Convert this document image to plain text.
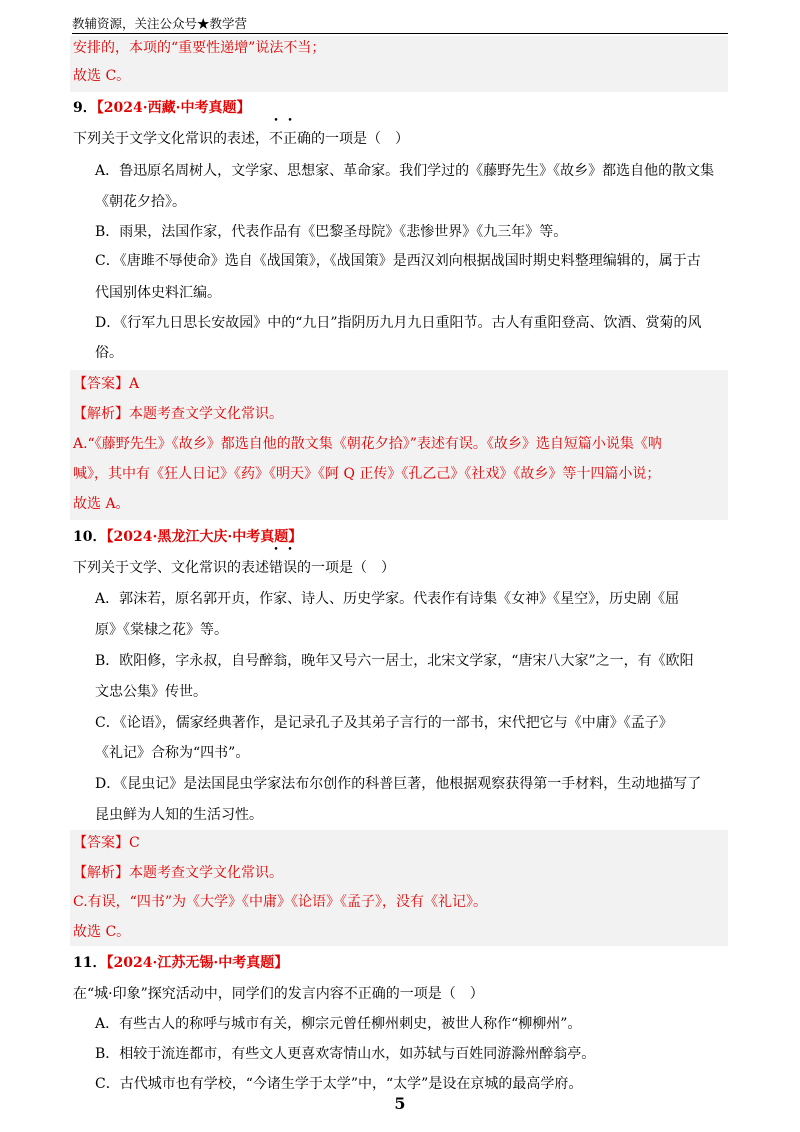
教辅资源，关注公众号★教学营
安排的，本项的“重要性递增”说法不当；
故选 C。
9．【2024·西藏·中考真题】
下列关于文学文化常识的表述，不正确的一项是（　）
A．鲁迅原名周树人，文学家、思想家、革命家。我们学过的《藤野先生》《故乡》都选自他的散文集
《朝花夕拾》。
B．雨果，法国作家，代表作品有《巴黎圣母院》《悲惨世界》《九三年》等。
C．《唐雎不辱使命》选自《战国策》，《战国策》是西汉刘向根据战国时期史料整理编辑的，属于古
代国别体史料汇编。
D．《行军九日思长安故园》中的“九日”指阴历九月九日重阳节。古人有重阳登高、饮酒、赏菊的风
俗。
【答案】A
【解析】本题考查文学文化常识。
A.“《藤野先生》《故乡》都选自他的散文集《朝花夕拾》”表述有误。《故乡》选自短篇小说集《呐
喊》，其中有《狂人日记》《药》《明天》《阿 Q 正传》《孔乙己》《社戏》《故乡》等十四篇小说；
故选 A。
10．【2024·黑龙江大庆·中考真题】
下列关于文学、文化常识的表述错误的一项是（　）
A．郭沫若，原名郭开贞，作家、诗人、历史学家。代表作有诗集《女神》《星空》，历史剧《屈
原》《棠棣之花》等。
B．欧阳修，字永叔，自号醉翁，晚年又号六一居士，北宋文学家，“唐宋八大家”之一，有《欧阳
文忠公集》传世。
C．《论语》，儒家经典著作，是记录孔子及其弟子言行的一部书，宋代把它与《中庸》《孟子》
《礼记》合称为“四书”。
D．《昆虫记》是法国昆虫学家法布尔创作的科普巨著，他根据观察获得第一手材料，生动地描写了
昆虫鲜为人知的生活习性。
【答案】C
【解析】本题考查文学文化常识。
C.有误，“四书”为《大学》《中庸》《论语》《孟子》，没有《礼记》。
故选 C。
11．【2024·江苏无锡·中考真题】
在“城·印象”探究活动中，同学们的发言内容不正确的一项是（　）
A．有些古人的称呼与城市有关，柳宗元曾任柳州刺史，被世人称作“柳柳州”。
B．相较于流连都市，有些文人更喜欢寄情山水，如苏轼与百姓同游滁州醉翁亭。
C．古代城市也有学校，“今诸生学于太学”中，“太学”是设在京城的最高学府。
5
